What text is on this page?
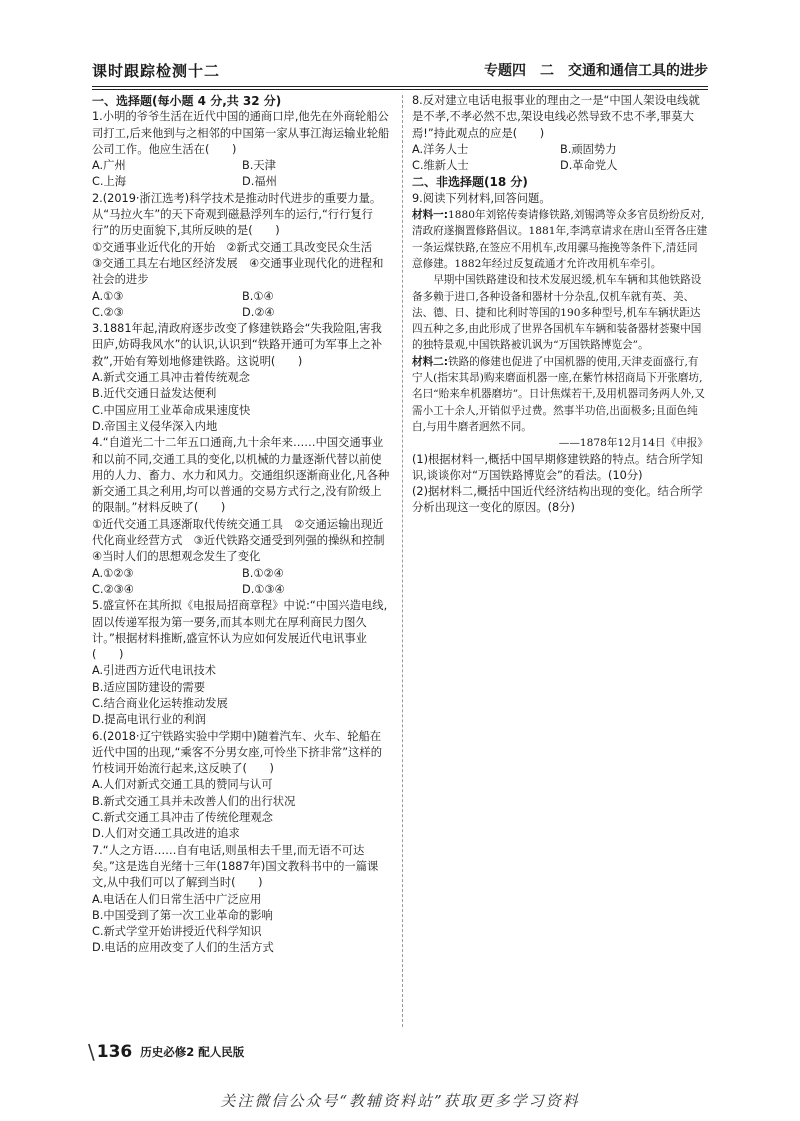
课时跟踪检测十二	专题四　二　交通和通信工具的进步

一、选择题(每小题 4 分,共 32 分)

1.小明的爷爷生活在近代中国的通商口岸,他先在外商轮船公司打工,后来他到与之相邻的中国第一家从事江海运输业轮船公司工作。他应生活在(　　)

A.广州	B.天津
C.上海	D.福州

2.(2019·浙江选考)科学技术是推动时代进步的重要力量。从“马拉火车”的天下奇观到磁悬浮列车的运行,“行行复行行”的历史面貌下,其所反映的是(　　)

①交通事业近代化的开始　②新式交通工具改变民众生活　③交通工具左右地区经济发展　④交通事业现代化的进程和社会的进步

A.①③	B.①④
C.②③	D.②④

3.1881年起,清政府逐步改变了修建铁路会“失我险阻,害我田庐,妨碍我风水”的认识,认识到“铁路开通可为军事上之补救”,开始有筹划地修建铁路。这说明(　　)

A.新式交通工具冲击着传统观念
B.近代交通日益发达便利
C.中国应用工业革命成果速度快
D.帝国主义侵华深入内地

4.“自道光二十二年五口通商,九十余年来……中国交通事业和以前不同,交通工具的变化,以机械的力量逐渐代替以前使用的人力、畜力、水力和风力。交通组织逐渐商业化,凡各种新交通工具之利用,均可以普通的交易方式行之,没有阶级上的限制。”材料反映了(　　)

①近代交通工具逐渐取代传统交通工具　②交通运输出现近代化商业经营方式　③近代铁路交通受到列强的操纵和控制　④当时人们的思想观念发生了变化

A.①②③	B.①②④
C.②③④	D.①③④

5.盛宣怀在其所拟《电报局招商章程》中说:“中国兴造电线,固以传递军报为第一要务,而其本则尤在厚利商民力图久计。”根据材料推断,盛宣怀认为应如何发展近代电讯事业(　　)

A.引进西方近代电讯技术
B.适应国防建设的需要
C.结合商业化运转推动发展
D.提高电讯行业的利润

6.(2018·辽宁铁路实验中学期中)随着汽车、火车、轮船在近代中国的出现,“乘客不分男女座,可怜坐下挤非常”这样的竹枝词开始流行起来,这反映了(　　)

A.人们对新式交通工具的赞同与认可
B.新式交通工具并未改善人们的出行状况
C.新式交通工具冲击了传统伦理观念
D.人们对交通工具改进的追求

7.“人之方语……自有电话,则虽相去千里,而无语不可达矣。”这是选自光绪十三年(1887年)国文教科书中的一篇课文,从中我们可以了解到当时(　　)

A.电话在人们日常生活中广泛应用
B.中国受到了第一次工业革命的影响
C.新式学堂开始讲授近代科学知识
D.电话的应用改变了人们的生活方式

8.反对建立电话电报事业的理由之一是“中国人架设电线就是不孝,不孝必然不忠,架设电线必然导致不忠不孝,罪莫大焉!”持此观点的应是(　　)

A.洋务人士	B.顽固势力
C.维新人士	D.革命党人

二、非选择题(18 分)

9.阅读下列材料,回答问题。

材料一:1880年刘铭传奏请修铁路,刘锡鸿等众多官员纷纷反对,清政府遂搁置修路倡议。1881年,李鸿章请求在唐山至胥各庄建一条运煤铁路,在签应不用机车,改用骡马拖挽等条件下,清廷同意修建。1882年经过反复疏通才允许改用机车牵引。

早期中国铁路建设和技术发展迟缓,机车车辆和其他铁路设备多赖于进口,各种设备和器材十分杂乱,仅机车就有英、美、法、德、日、捷和比利时等国的190多种型号,机车车辆状距达四五种之多,由此形成了世界各国机车车辆和装备器材荟聚中国的独特景观,中国铁路被讥讽为“万国铁路博览会”。

材料二:铁路的修建也促进了中国机器的使用,天津麦面盛行,有宁人(指宋其昂)购来磨面机器一座,在紫竹林招商局下开张磨坊,名曰“贻来牟机器磨坊”。日计焦煤若干,及用机器司务两人外,又需小工十余人,开销似乎过费。然事半功倍,出面极多;且面色纯白,与用牛磨者迥然不同。

——1878年12月14日《申报》

(1)根据材料一,概括中国早期修建铁路的特点。结合所学知识,谈谈你对“万国铁路博览会”的看法。(10分)

(2)据材料二,概括中国近代经济结构出现的变化。结合所学分析出现这一变化的原因。(8分)

\ 136 历史必修2 配人民版
关注微信公众号“教辅资料站”获取更多学习资料
